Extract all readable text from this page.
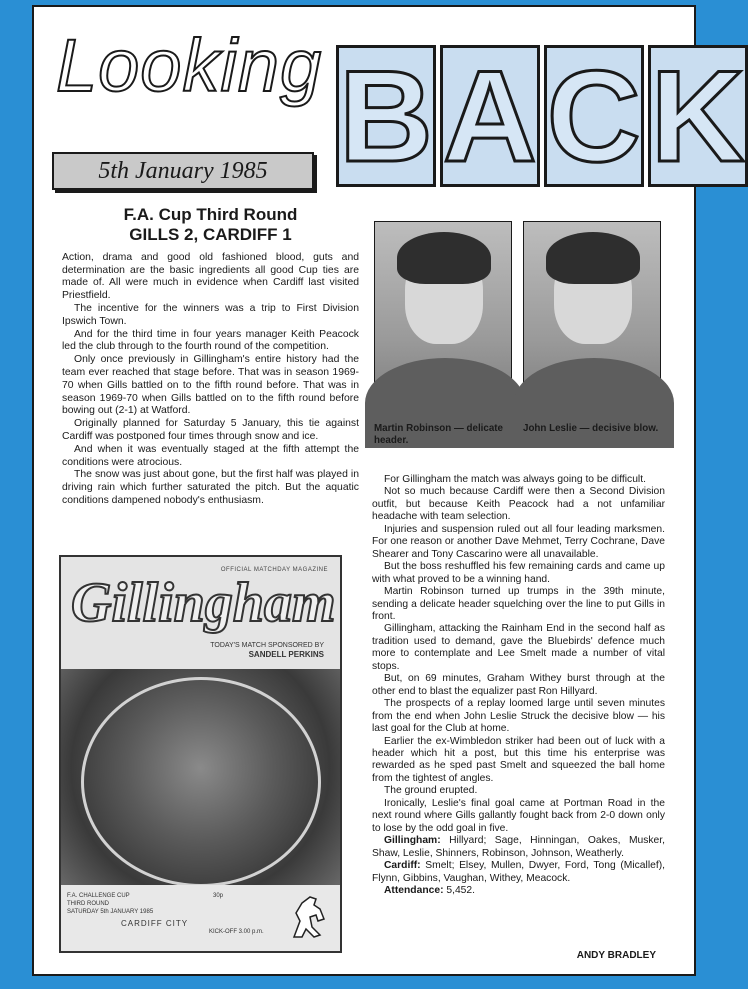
Looking B A C K
5th January 1985
F.A. Cup Third Round
GILLS 2, CARDIFF 1

Action, drama and good old fashioned blood, guts and determination are the basic ingredients all good Cup ties are made of. All were much in evidence when Cardiff last visited Priestfield.

The incentive for the winners was a trip to First Division Ipswich Town.

And for the third time in four years manager Keith Peacock led the club through to the fourth round of the competition.

Only once previously in Gillingham's entire history had the team ever reached that stage before. That was in season 1969-70 when Gills battled on to the fifth round before. That was in season 1969-70 when Gills battled on to the fifth round before bowing out (2-1) at Watford.

Originally planned for Saturday 5 January, this tie against Cardiff was postponed four times through snow and ice.

And when it was eventually staged at the fifth attempt the conditions were atrocious.

The snow was just about gone, but the first half was played in driving rain which further saturated the pitch. But the aquatic conditions dampened nobody's enthusiasm.

OFFICIAL MATCHDAY MAGAZINE
Gillingham
TODAY'S MATCH SPONSORED BY
SANDELL PERKINS
F.A. CHALLENGE CUP
THIRD ROUND
SATURDAY 5th JANUARY 1985
30p
CARDIFF CITY
KICK-OFF 3.00 p.m.
Martin Robinson — delicate header.
John Leslie — decisive blow.

For Gillingham the match was always going to be difficult.

Not so much because Cardiff were then a Second Division outfit, but because Keith Peacock had a not unfamiliar headache with team selection.

Injuries and suspension ruled out all four leading marksmen. For one reason or another Dave Mehmet, Terry Cochrane, Dave Shearer and Tony Cascarino were all unavailable.

But the boss reshuffled his few remaining cards and came up with what proved to be a winning hand.

Martin Robinson turned up trumps in the 39th minute, sending a delicate header squelching over the line to put Gills in front.

Gillingham, attacking the Rainham End in the second half as tradition used to demand, gave the Bluebirds' defence much more to contemplate and Lee Smelt made a number of vital stops.

But, on 69 minutes, Graham Withey burst through at the other end to blast the equalizer past Ron Hillyard.

The prospects of a replay loomed large until seven minutes from the end when John Leslie Struck the decisive blow — his last goal for the Club at home.

Earlier the ex-Wimbledon striker had been out of luck with a header which hit a post, but this time his enterprise was rewarded as he sped past Smelt and squeezed the ball home from the tightest of angles.

The ground erupted.

Ironically, Leslie's final goal came at Portman Road in the next round where Gills gallantly fought back from 2-0 down only to lose by the odd goal in five.

Gillingham: Hillyard; Sage, Hinningan, Oakes, Musker, Shaw, Leslie, Shinners, Robinson, Johnson, Weatherly.

Cardiff: Smelt; Elsey, Mullen, Dwyer, Ford, Tong (Micallef), Flynn, Gibbins, Vaughan, Withey, Meacock.

Attendance: 5,452.

ANDY BRADLEY
